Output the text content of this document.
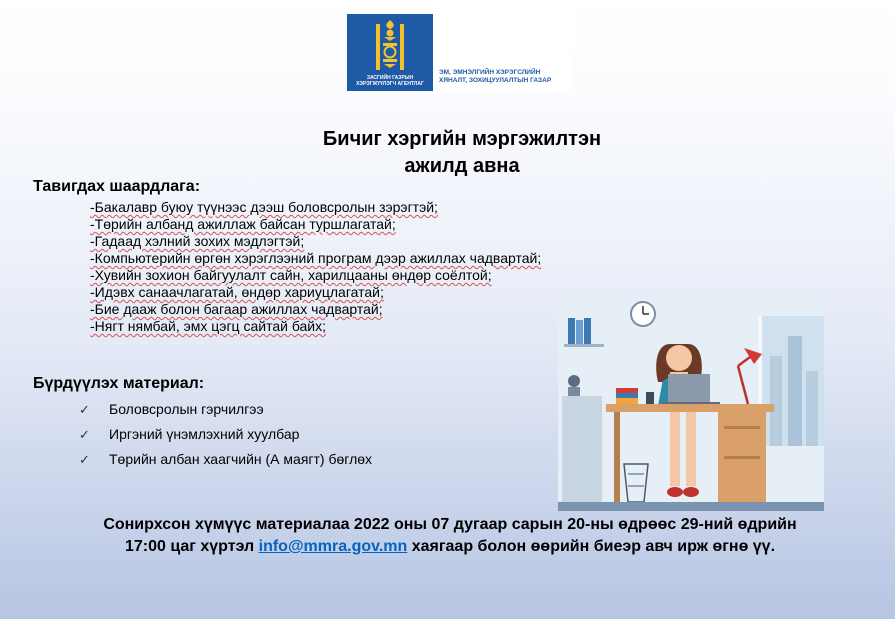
ЗАСГИЙН ГАЗРЫН ХЭРЭГЖҮҮЛЭГЧ АГЕНТЛАГ
ЭМ, ЭМНЭЛГИЙН ХЭРЭГСЛИЙН
ХЯНАЛТ, ЗОХИЦУУЛАЛТЫН ГАЗАР
Бичиг хэргийн мэргэжилтэн
ажилд авна
Тавигдах шаардлага:
-Бакалавр буюу түүнээс дээш боловсролын зэрэгтэй;
-Төрийн албанд ажиллаж байсан туршлагатай;
-Гадаад хэлний зохих мэдлэгтэй;
-Компьютерийн өргөн хэрэглээний програм дээр ажиллах чадвартай;
-Хувийн зохион байгуулалт сайн, харилцааны өндөр соёлтой;
-Идэвх санаачлагатай, өндөр хариуцлагатай;
-Бие дааж болон багаар ажиллах чадвартай;
-Нягт нямбай, эмх цэгц сайтай байх;
Бүрдүүлэх материал:
✓	Боловсролын гэрчилгээ
✓	Иргэний үнэмлэхний хуулбар
✓	Төрийн албан хаагчийн (А маягт) бөглөх
Сонирхсон хүмүүс материалаа 2022 оны 07 дугаар сарын 20-ны өдрөөс 29-ний өдрийн
17:00 цаг хүртэл info@mmra.gov.mn хаягаар болон өөрийн биеэр авч ирж өгнө үү.
